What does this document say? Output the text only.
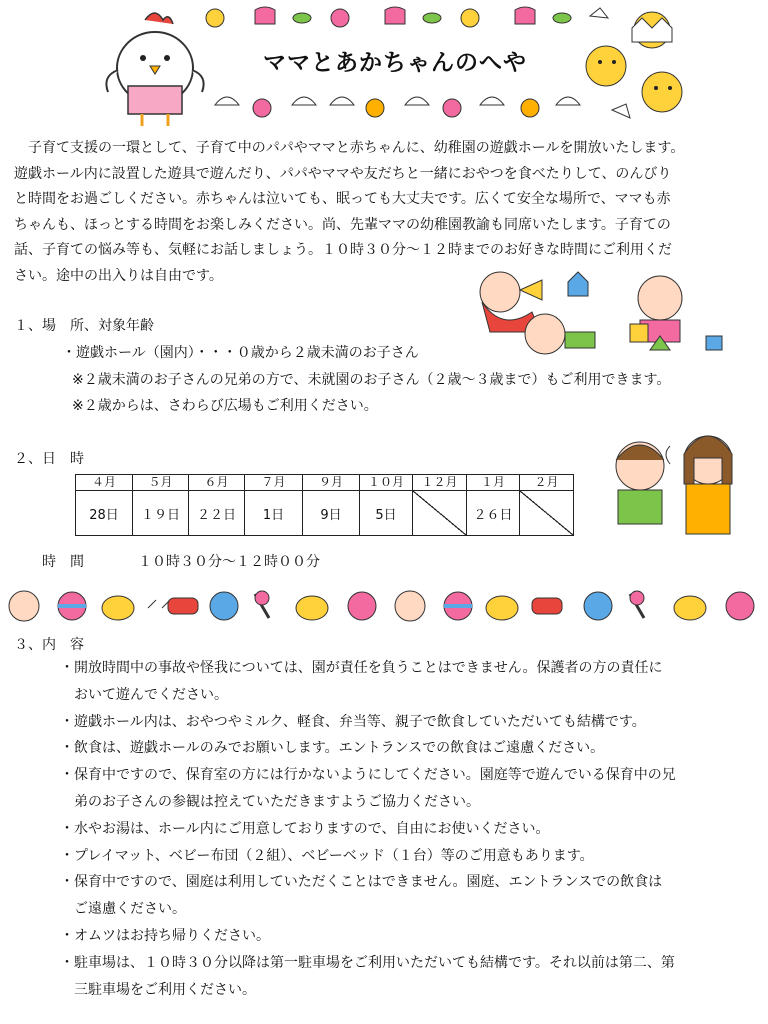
ママとあかちゃんのへや

　子育て支援の一環として、子育て中のパパやママと赤ちゃんに、幼稚園の遊戯ホールを開放いたします。

遊戯ホール内に設置した遊具で遊んだり、パパやママや友だちと一緒におやつを食べたりして、のんびり

と時間をお過ごしください。赤ちゃんは泣いても、眠っても大丈夫です。広くて安全な場所で、ママも赤

ちゃんも、ほっとする時間をお楽しみください。尚、先輩ママの幼稚園教諭も同席いたします。子育ての

話、子育ての悩み等も、気軽にお話しましょう。１０時３０分～１２時までのお好きな時間にご利用くだ

さい。途中の出入りは自由です。

１、場　所、対象年齢
・遊戯ホール（園内）・・・０歳から２歳未満のお子さん
※２歳未満のお子さんの兄弟の方で、未就園のお子さん（２歳～３歳まで）もご利用できます。
※２歳からは、さわらび広場もご利用ください。
２、日　時
４月	５月	６月	７月	９月	１０月	１２月	１月	２月
28日	１９日	２２日	1日	9日	5日		２６日	
時　間	１０時３０分～１２時００分
３、内　容
・開放時間中の事故や怪我については、園が責任を負うことはできません。保護者の方の責任に
おいて遊んでください。
・遊戯ホール内は、おやつやミルク、軽食、弁当等、親子で飲食していただいても結構です。
・飲食は、遊戯ホールのみでお願いします。エントランスでの飲食はご遠慮ください。
・保育中ですので、保育室の方には行かないようにしてください。園庭等で遊んでいる保育中の兄
弟のお子さんの参観は控えていただきますようご協力ください。
・水やお湯は、ホール内にご用意しておりますので、自由にお使いください。
・プレイマット、ベビー布団（２組）、ベビーベッド（１台）等のご用意もあります。
・保育中ですので、園庭は利用していただくことはできません。園庭、エントランスでの飲食は
ご遠慮ください。
・オムツはお持ち帰りください。
・駐車場は、１０時３０分以降は第一駐車場をご利用いただいても結構です。それ以前は第二、第
三駐車場をご利用ください。
